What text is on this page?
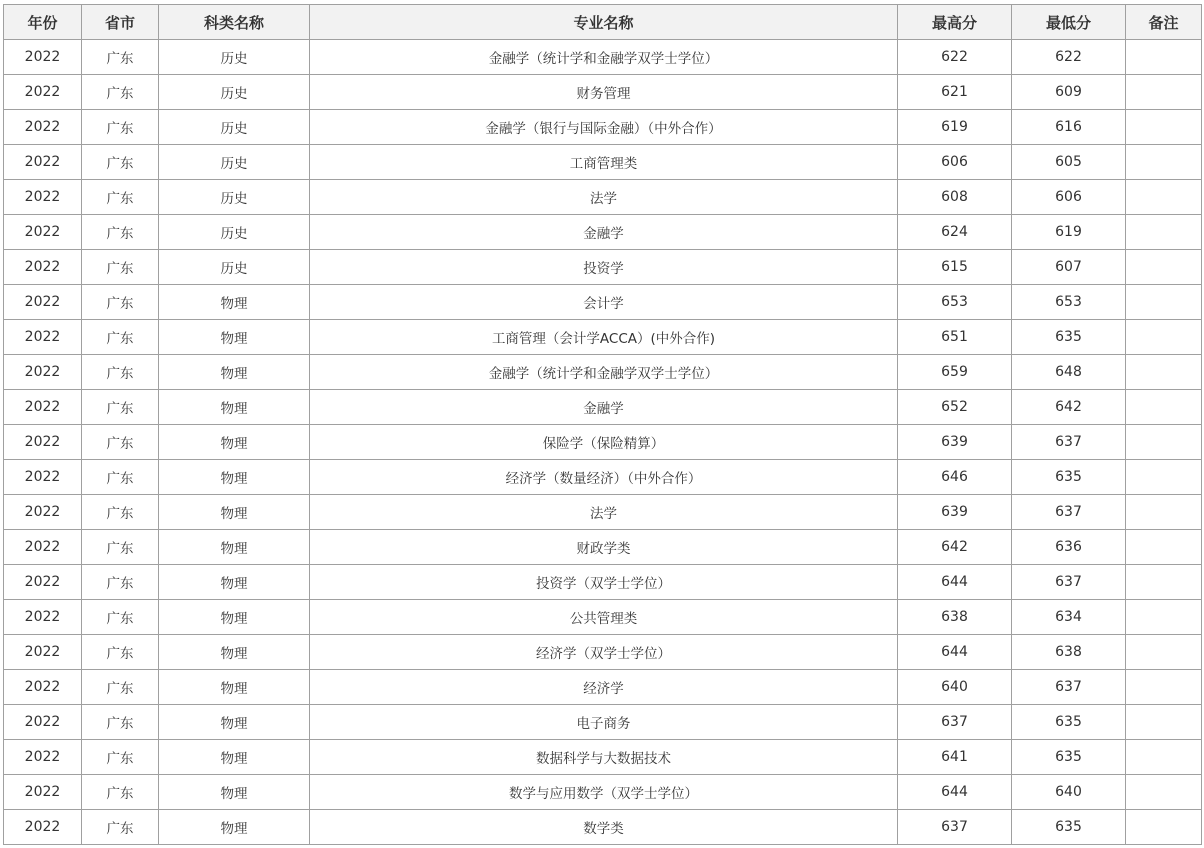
年份	省市	科类名称	专业名称	最高分	最低分	备注
2022	广东	历史	金融学（统计学和金融学双学士学位）	622	622	
2022	广东	历史	财务管理	621	609	
2022	广东	历史	金融学（银行与国际金融）（中外合作）	619	616	
2022	广东	历史	工商管理类	606	605	
2022	广东	历史	法学	608	606	
2022	广东	历史	金融学	624	619	
2022	广东	历史	投资学	615	607	
2022	广东	物理	会计学	653	653	
2022	广东	物理	工商管理（会计学ACCA）(中外合作)	651	635	
2022	广东	物理	金融学（统计学和金融学双学士学位）	659	648	
2022	广东	物理	金融学	652	642	
2022	广东	物理	保险学（保险精算）	639	637	
2022	广东	物理	经济学（数量经济）（中外合作）	646	635	
2022	广东	物理	法学	639	637	
2022	广东	物理	财政学类	642	636	
2022	广东	物理	投资学（双学士学位）	644	637	
2022	广东	物理	公共管理类	638	634	
2022	广东	物理	经济学（双学士学位）	644	638	
2022	广东	物理	经济学	640	637	
2022	广东	物理	电子商务	637	635	
2022	广东	物理	数据科学与大数据技术	641	635	
2022	广东	物理	数学与应用数学（双学士学位）	644	640	
2022	广东	物理	数学类	637	635	
